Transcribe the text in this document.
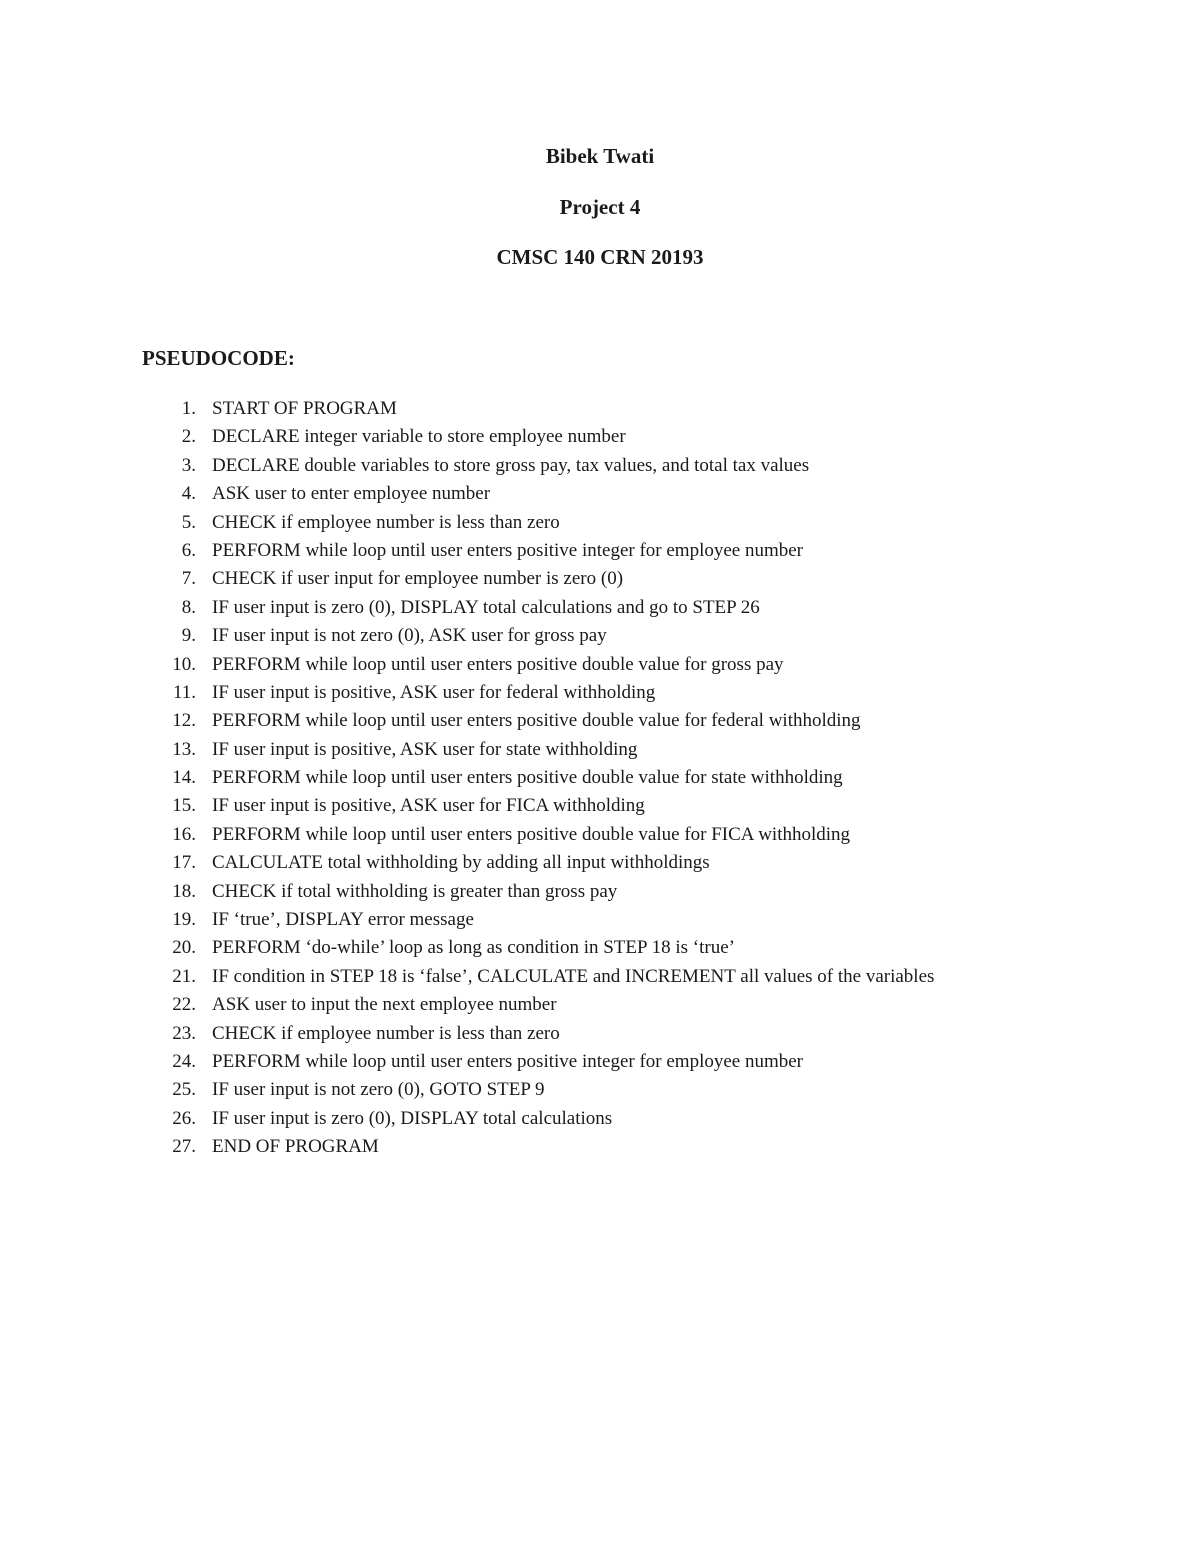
Bibek Twati

Project 4

CMSC 140 CRN 20193

PSEUDOCODE:

1. START OF PROGRAM
2. DECLARE integer variable to store employee number
3. DECLARE double variables to store gross pay, tax values, and total tax values
4. ASK user to enter employee number
5. CHECK if employee number is less than zero
6. PERFORM while loop until user enters positive integer for employee number
7. CHECK if user input for employee number is zero (0)
8. IF user input is zero (0), DISPLAY total calculations and go to STEP 26
9. IF user input is not zero (0), ASK user for gross pay
10. PERFORM while loop until user enters positive double value for gross pay
11. IF user input is positive, ASK user for federal withholding
12. PERFORM while loop until user enters positive double value for federal withholding
13. IF user input is positive, ASK user for state withholding
14. PERFORM while loop until user enters positive double value for state withholding
15. IF user input is positive, ASK user for FICA withholding
16. PERFORM while loop until user enters positive double value for FICA withholding
17. CALCULATE total withholding by adding all input withholdings
18. CHECK if total withholding is greater than gross pay
19. IF ‘true’, DISPLAY error message
20. PERFORM ‘do-while’ loop as long as condition in STEP 18 is ‘true’
21. IF condition in STEP 18 is ‘false’, CALCULATE and INCREMENT all values of the variables
22. ASK user to input the next employee number
23. CHECK if employee number is less than zero
24. PERFORM while loop until user enters positive integer for employee number
25. IF user input is not zero (0), GOTO STEP 9
26. IF user input is zero (0), DISPLAY total calculations
27. END OF PROGRAM
